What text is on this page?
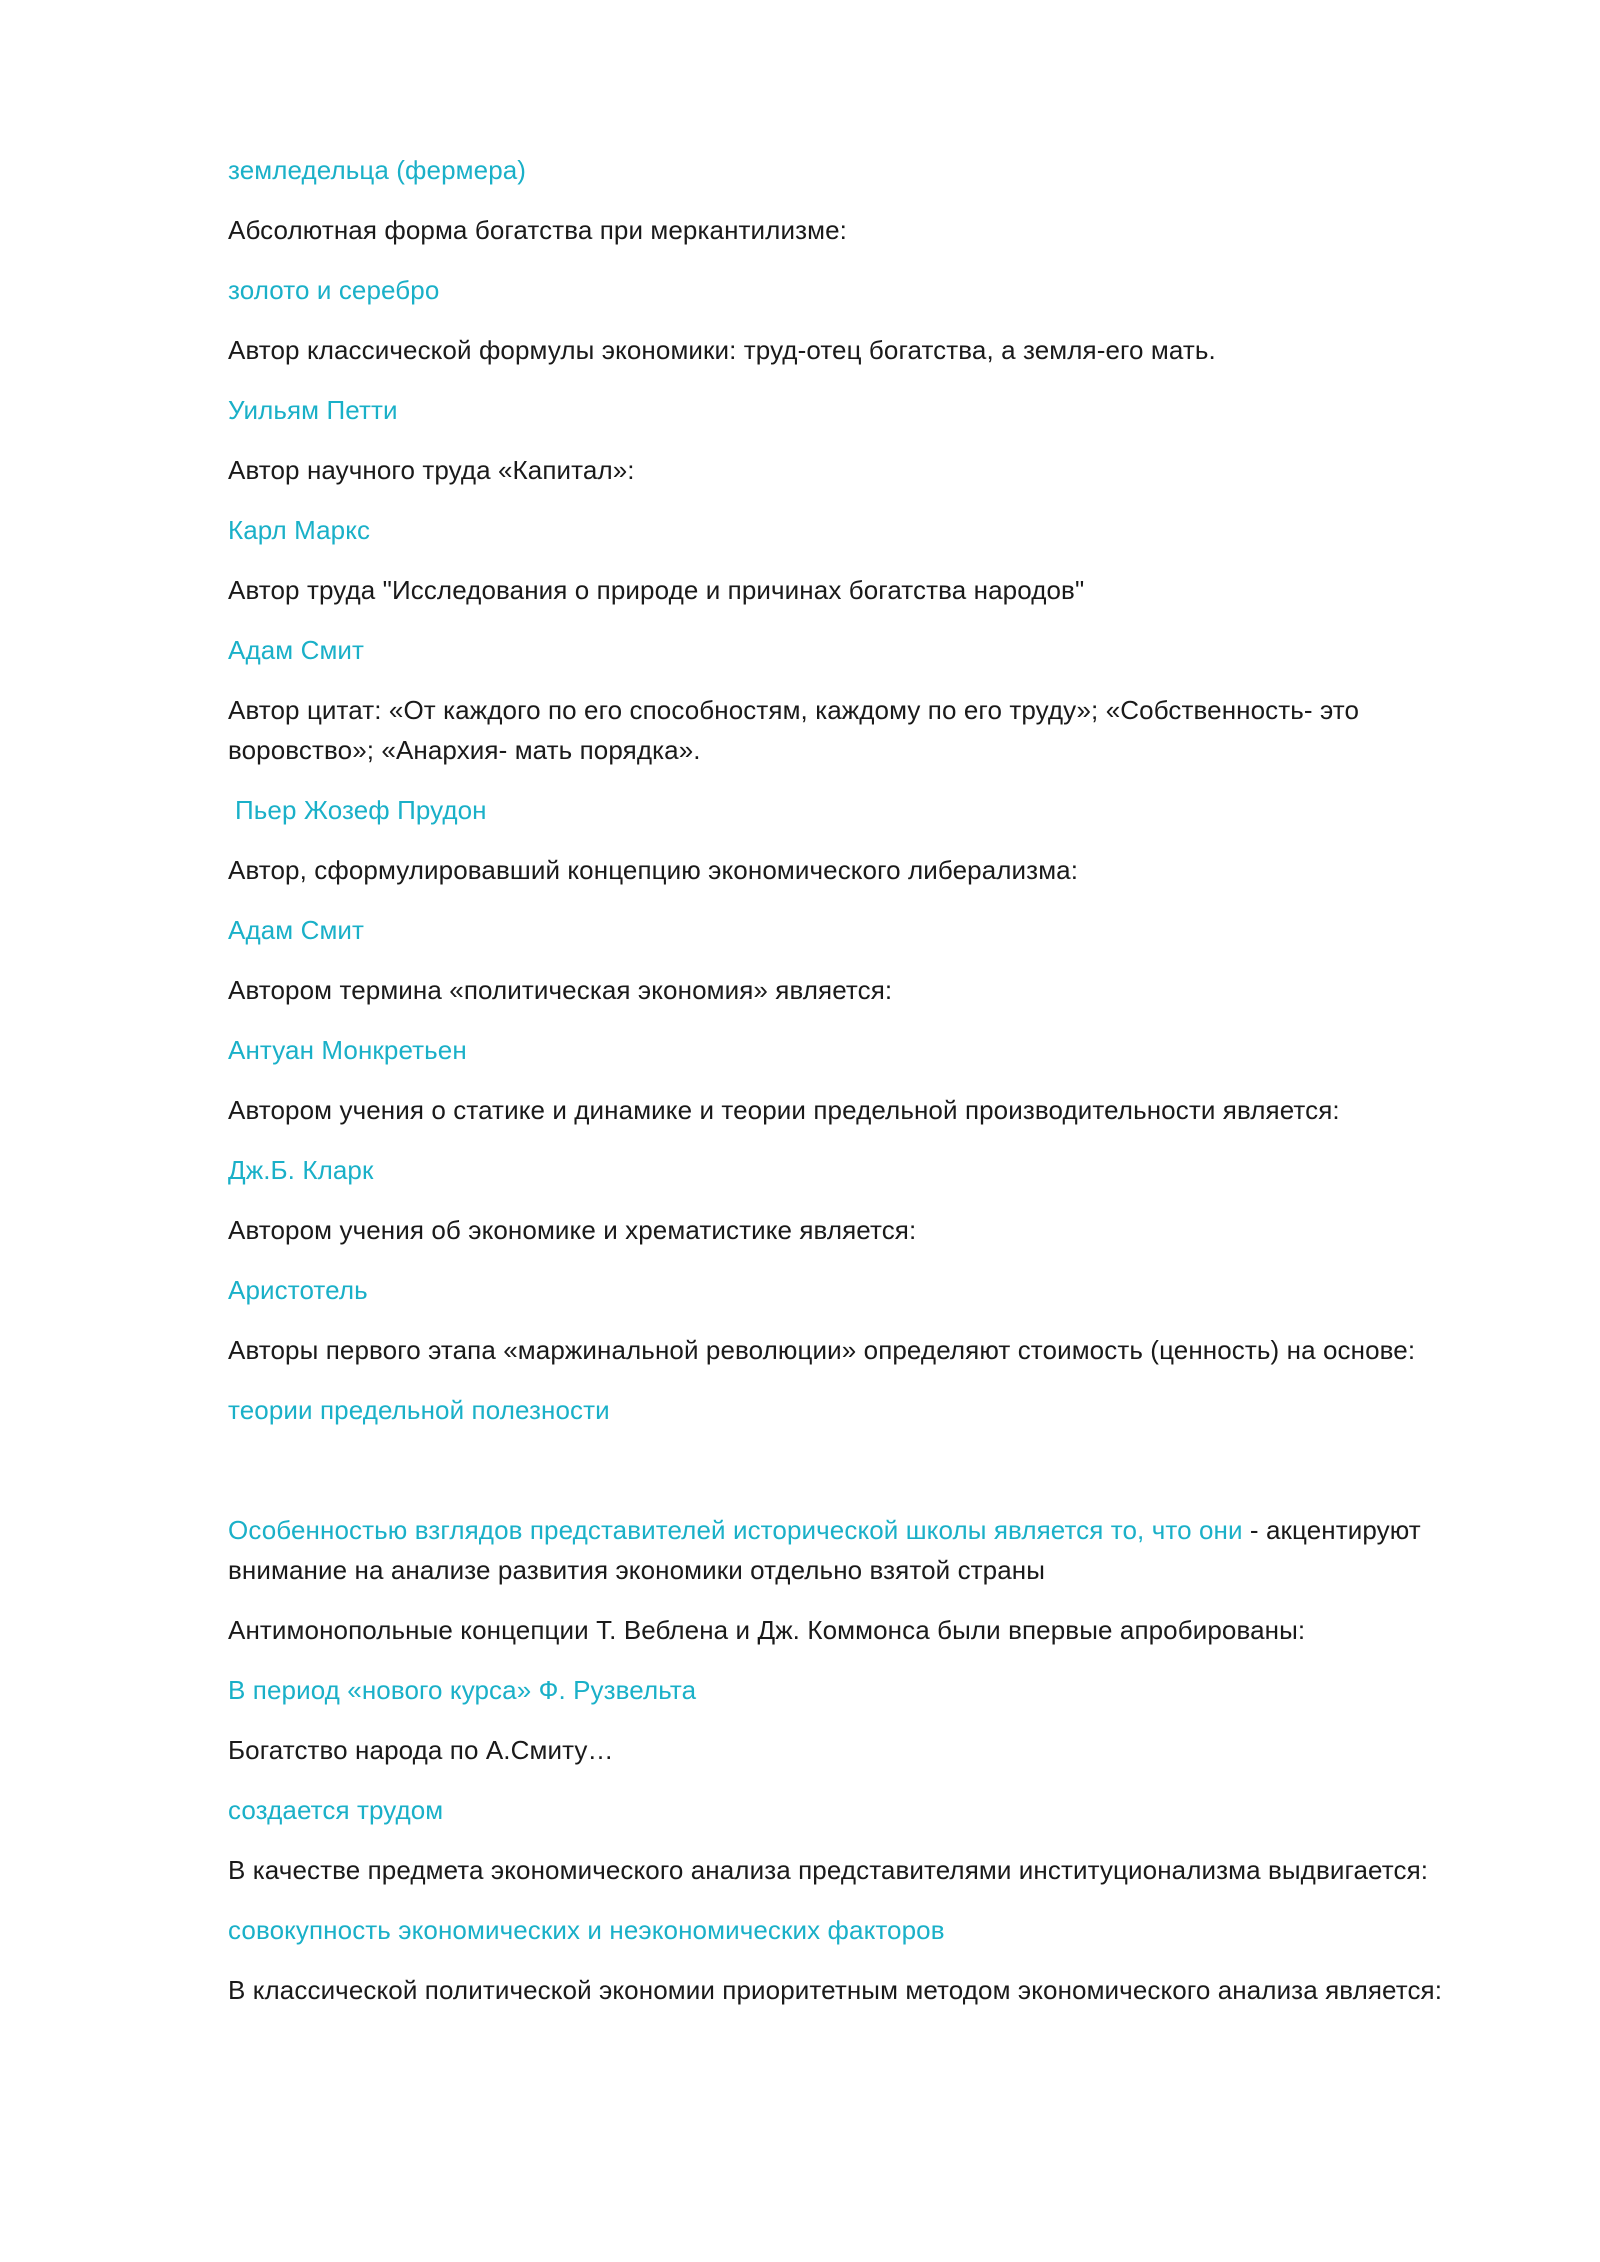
земледельца (фермера)

Абсолютная форма богатства при меркантилизме:

золото и серебро

Автор классической формулы экономики: труд-отец богатства, а земля-его мать.

Уильям Петти

Автор научного труда «Капитал»:

Карл Маркс

Автор труда "Исследования о природе и причинах богатства народов"

Адам Смит

Автор цитат: «От каждого по его способностям, каждому по его труду»; «Собственность- это воровство»; «Анархия- мать порядка».

Пьер Жозеф Прудон

Автор, сформулировавший концепцию экономического либерализма:

Адам Смит

Автором термина «политическая экономия» является:

Антуан Монкретьен

Автором учения о статике и динамике и теории предельной производительности является:

Дж.Б. Кларк

Автором учения об экономике и хрематистике является:

Аристотель

Авторы первого этапа «маржинальной революции» определяют стоимость (ценность) на основе:

теории предельной полезности

Особенностью взглядов представителей исторической школы является то, что они - акцентируют внимание на анализе развития экономики отдельно взятой страны

Антимонопольные концепции Т. Веблена и Дж. Коммонса были впервые апробированы:

В период «нового курса» Ф. Рузвельта

Богатство народа по А.Смиту…

создается трудом

В качестве предмета экономического анализа представителями институционализма выдвигается:

совокупность экономических и неэкономических факторов

В классической политической экономии приоритетным методом экономического анализа является:
